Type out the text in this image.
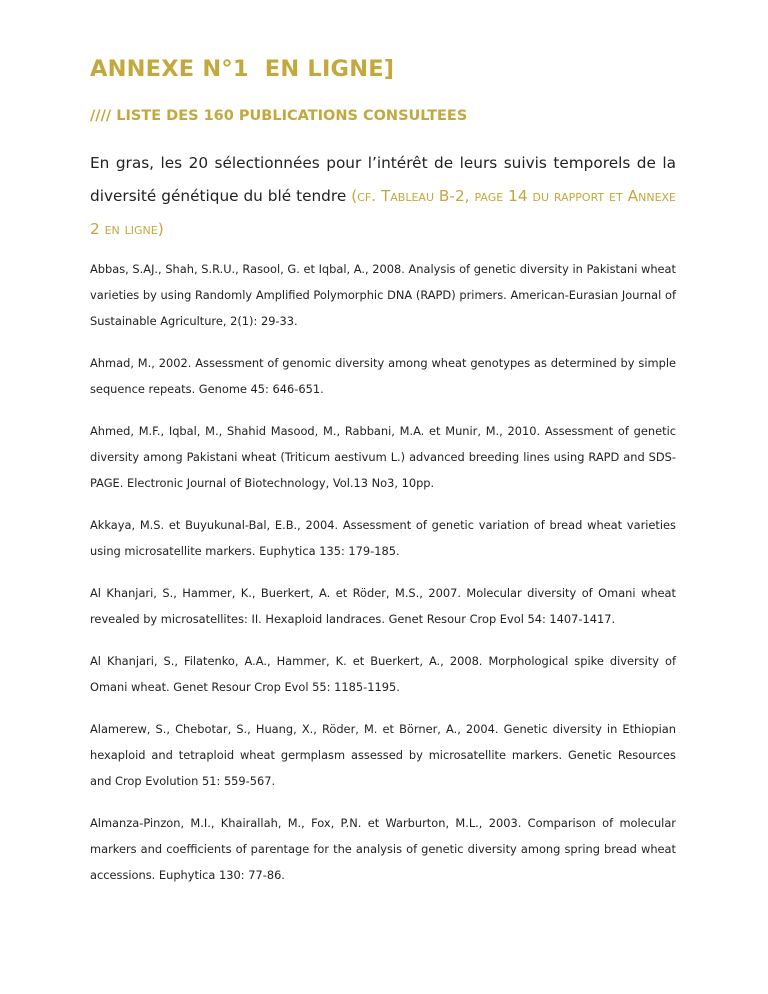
ANNEXE N°1  EN LIGNE]
//// LISTE DES 160 PUBLICATIONS CONSULTEES

En gras, les 20 sélectionnées pour l’intérêt de leurs suivis temporels de la diversité génétique du blé tendre (cf. Tableau B-2, page 14 du rapport et Annexe 2 en ligne)

Abbas, S.AJ., Shah, S.R.U., Rasool, G. et Iqbal, A., 2008. Analysis of genetic diversity in Pakistani wheat varieties by using Randomly Amplified Polymorphic DNA (RAPD) primers. American-Eurasian Journal of Sustainable Agriculture, 2(1): 29-33.

Ahmad, M., 2002. Assessment of genomic diversity among wheat genotypes as determined by simple sequence repeats. Genome 45: 646-651.

Ahmed, M.F., Iqbal, M., Shahid Masood, M., Rabbani, M.A. et Munir, M., 2010. Assessment of genetic diversity among Pakistani wheat (Triticum aestivum L.) advanced breeding lines using RAPD and SDS-PAGE. Electronic Journal of Biotechnology, Vol.13 No3, 10pp.

Akkaya, M.S. et Buyukunal-Bal, E.B., 2004. Assessment of genetic variation of bread wheat varieties using microsatellite markers. Euphytica 135: 179-185.

Al Khanjari, S., Hammer, K., Buerkert, A. et Röder, M.S., 2007. Molecular diversity of Omani wheat revealed by microsatellites: II. Hexaploid landraces. Genet Resour Crop Evol 54: 1407-1417.

Al Khanjari, S., Filatenko, A.A., Hammer, K. et Buerkert, A., 2008. Morphological spike diversity of Omani wheat. Genet Resour Crop Evol 55: 1185-1195.

Alamerew, S., Chebotar, S., Huang, X., Röder, M. et Börner, A., 2004. Genetic diversity in Ethiopian hexaploid and tetraploid wheat germplasm assessed by microsatellite markers. Genetic Resources and Crop Evolution 51: 559-567.

Almanza-Pinzon, M.I., Khairallah, M., Fox, P.N. et Warburton, M.L., 2003. Comparison of molecular markers and coefficients of parentage for the analysis of genetic diversity among spring bread wheat accessions. Euphytica 130: 77-86.
